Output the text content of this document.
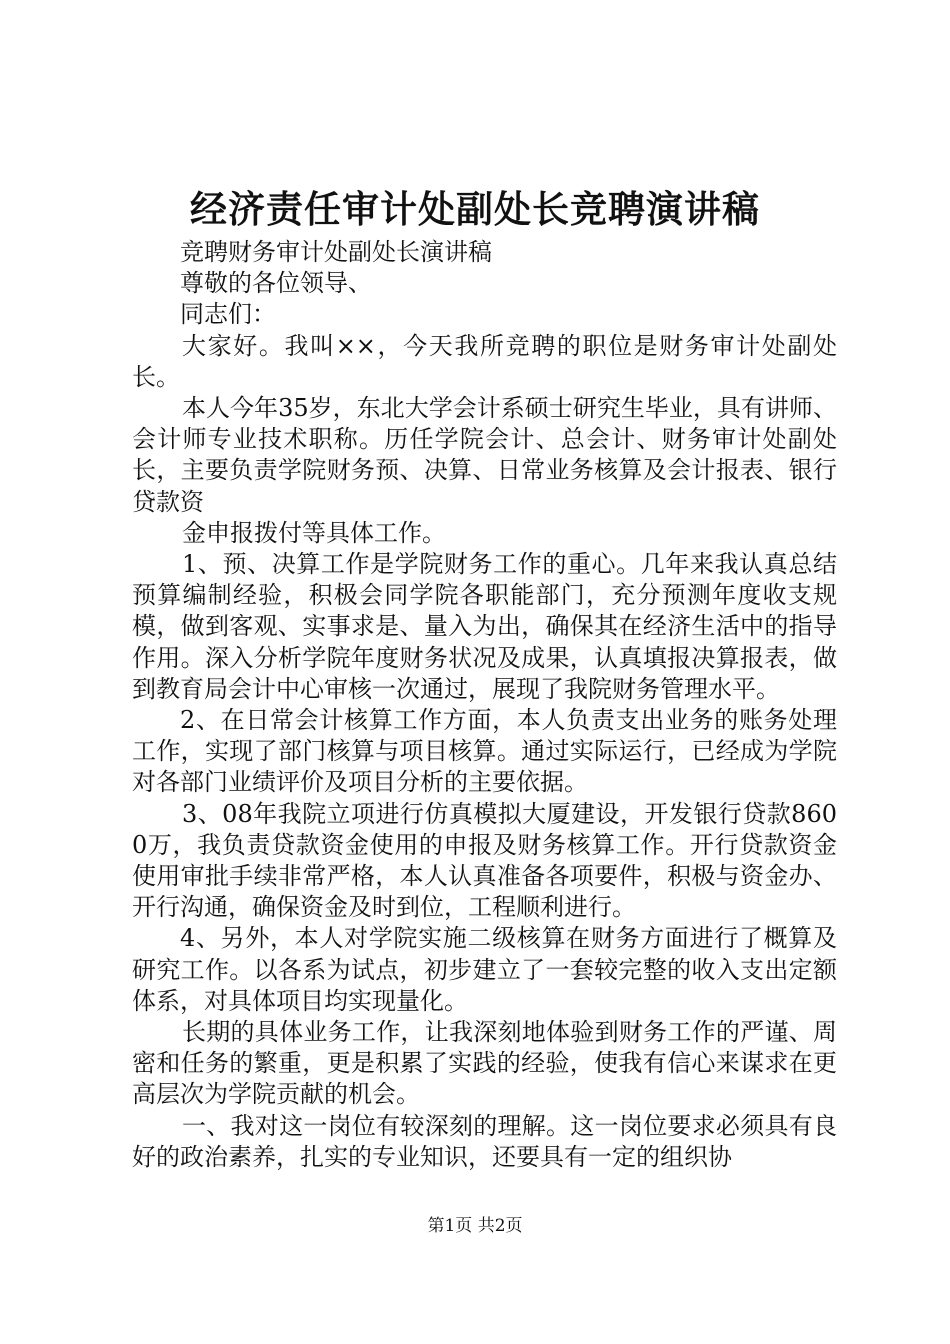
经济责任审计处副处长竞聘演讲稿

竞聘财务审计处副处长演讲稿

尊敬的各位领导、

同志们：

大家好。我叫××，今天我所竞聘的职位是财务审计处副处长。

本人今年35岁，东北大学会计系硕士研究生毕业，具有讲师、会计师专业技术职称。历任学院会计、总会计、财务审计处副处长，主要负责学院财务预、决算、日常业务核算及会计报表、银行贷款资

金申报拨付等具体工作。

1、预、决算工作是学院财务工作的重心。几年来我认真总结预算编制经验，积极会同学院各职能部门，充分预测年度收支规模，做到客观、实事求是、量入为出，确保其在经济生活中的指导作用。深入分析学院年度财务状况及成果，认真填报决算报表，做到教育局会计中心审核一次通过，展现了我院财务管理水平。

2、在日常会计核算工作方面，本人负责支出业务的账务处理工作，实现了部门核算与项目核算。通过实际运行，已经成为学院对各部门业绩评价及项目分析的主要依据。

3、08年我院立项进行仿真模拟大厦建设，开发银行贷款8600万，我负责贷款资金使用的申报及财务核算工作。开行贷款资金使用审批手续非常严格，本人认真准备各项要件，积极与资金办、开行沟通，确保资金及时到位，工程顺利进行。

4、另外，本人对学院实施二级核算在财务方面进行了概算及研究工作。以各系为试点，初步建立了一套较完整的收入支出定额体系，对具体项目均实现量化。

长期的具体业务工作，让我深刻地体验到财务工作的严谨、周密和任务的繁重，更是积累了实践的经验，使我有信心来谋求在更高层次为学院贡献的机会。

一、我对这一岗位有较深刻的理解。这一岗位要求必须具有良好的政治素养，扎实的专业知识，还要具有一定的组织协

第1页 共2页
